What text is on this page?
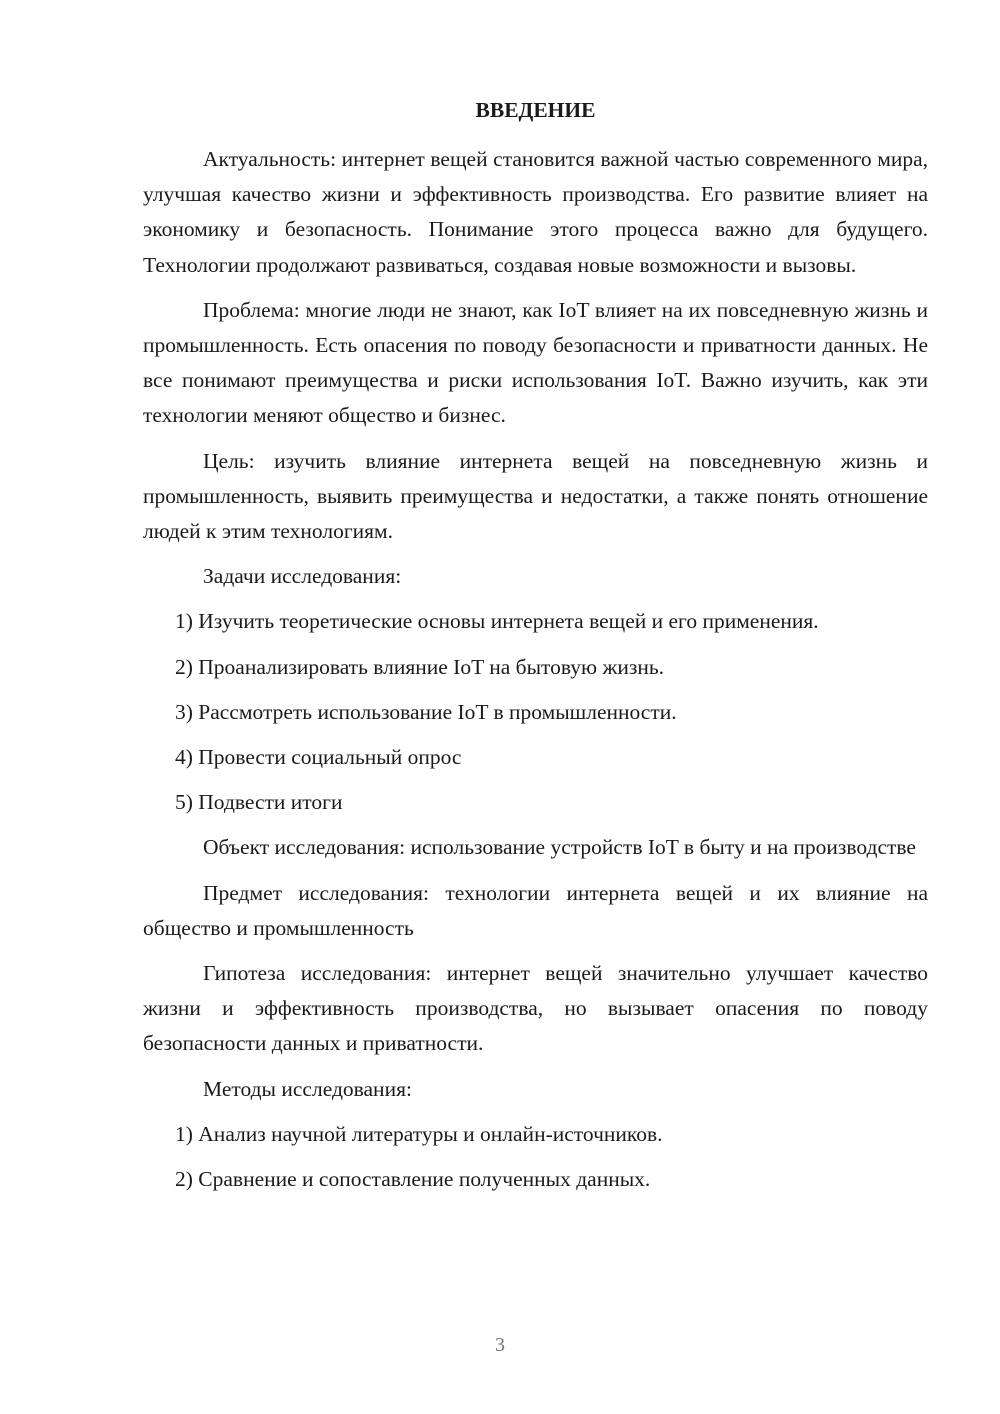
ВВЕДЕНИЕ

Актуальность: интернет вещей становится важной частью современного мира, улучшая качество жизни и эффективность производства. Его развитие влияет на экономику и безопасность. Понимание этого процесса важно для будущего. Технологии продолжают развиваться, создавая новые возможности и вызовы.

Проблема: многие люди не знают, как IoT влияет на их повседневную жизнь и промышленность. Есть опасения по поводу безопасности и приватности данных. Не все понимают преимущества и риски использования IoT. Важно изучить, как эти технологии меняют общество и бизнес.

Цель: изучить влияние интернета вещей на повседневную жизнь и промышленность, выявить преимущества и недостатки, а также понять отношение людей к этим технологиям.

Задачи исследования:

1) Изучить теоретические основы интернета вещей и его применения.

2) Проанализировать влияние IoT на бытовую жизнь.

3) Рассмотреть использование IoT в промышленности.

4) Провести социальный опрос

5) Подвести итоги

Объект исследования: использование устройств IoT в быту и на производстве

Предмет исследования: технологии интернета вещей и их влияние на общество и промышленность

Гипотеза исследования: интернет вещей значительно улучшает качество жизни и эффективность производства, но вызывает опасения по поводу безопасности данных и приватности.

Методы исследования:

1) Анализ научной литературы и онлайн-источников.

2) Сравнение и сопоставление полученных данных.

3
